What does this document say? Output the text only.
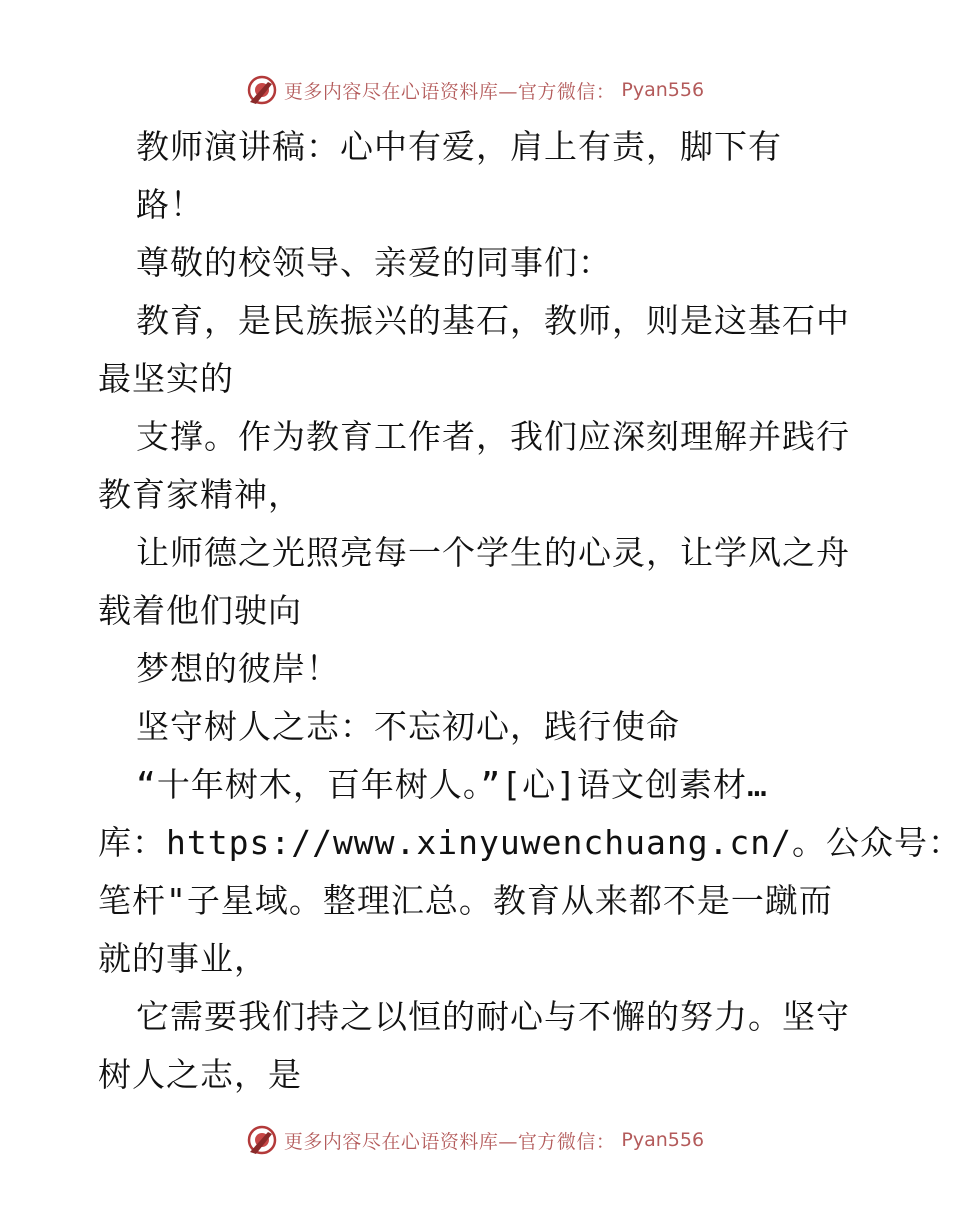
更多内容尽在心语资料库—官方微信： Pyan556
教师演讲稿：心中有爱，肩上有责，脚下有
路！
尊敬的校领导、亲爱的同事们：
教育，是民族振兴的基石，教师，则是这基石中
最坚实的
支撑。作为教育工作者，我们应深刻理解并践行
教育家精神，
让师德之光照亮每一个学生的心灵，让学风之舟
载着他们驶向
梦想的彼岸！
坚守树人之志：不忘初心，践行使命
“十年树木，百年树人。”[心]语文创素材…
库：https://www.xinyuwenchuang.cn/。公众号：
笔杆"子星域。整理汇总。教育从来都不是一蹴而
就的事业，
它需要我们持之以恒的耐心与不懈的努力。坚守
树人之志，是
更多内容尽在心语资料库—官方微信： Pyan556
